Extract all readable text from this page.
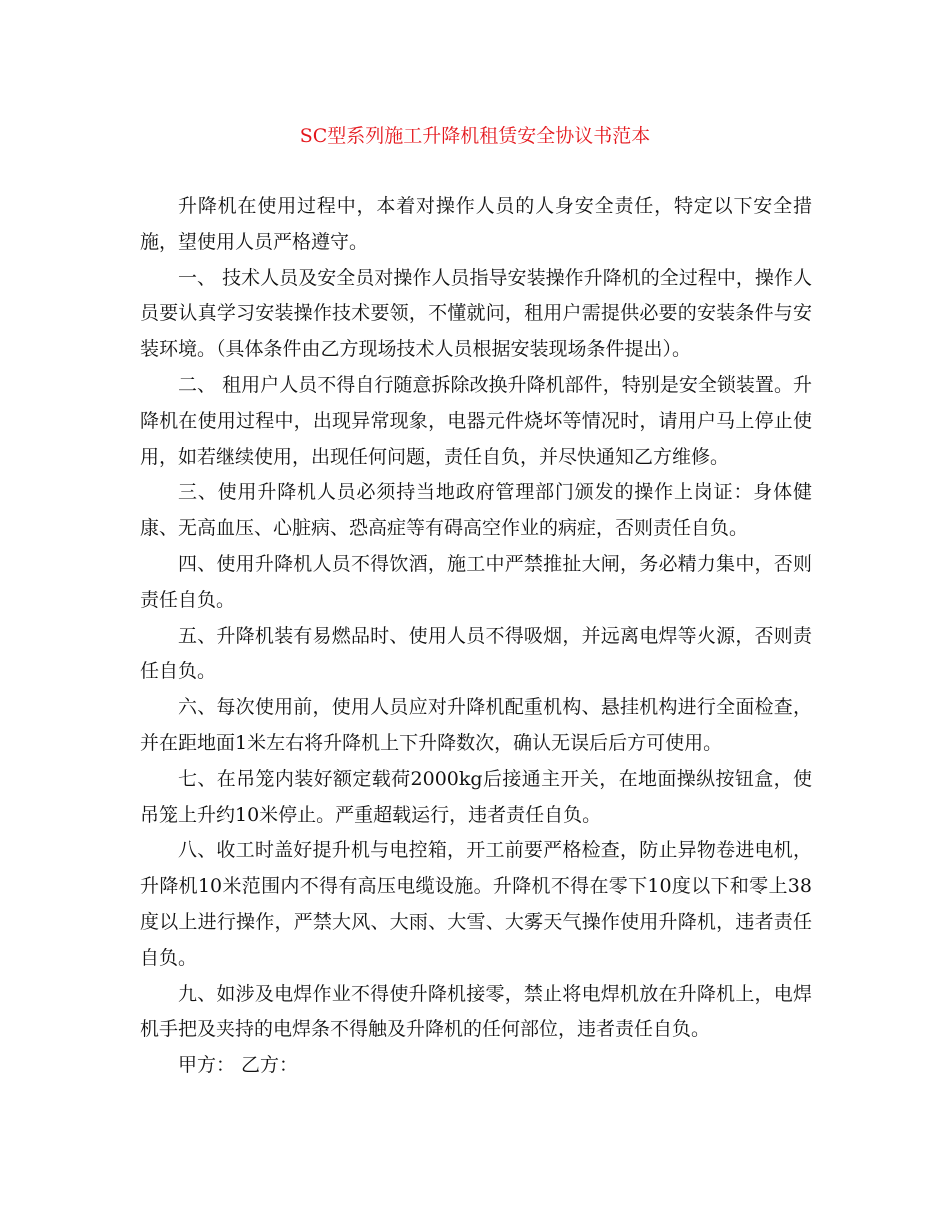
SC型系列施工升降机租赁安全协议书范本

升降机在使用过程中，本着对操作人员的人身安全责任，特定以下安全措施，望使用人员严格遵守。

一、 技术人员及安全员对操作人员指导安装操作升降机的全过程中，操作人员要认真学习安装操作技术要领，不懂就问，租用户需提供必要的安装条件与安装环境。（具体条件由乙方现场技术人员根据安装现场条件提出）。

二、 租用户人员不得自行随意拆除改换升降机部件，特别是安全锁装置。升降机在使用过程中，出现异常现象，电器元件烧坏等情况时，请用户马上停止使用，如若继续使用，出现任何问题，责任自负，并尽快通知乙方维修。

三、使用升降机人员必须持当地政府管理部门颁发的操作上岗证：身体健康、无高血压、心脏病、恐高症等有碍高空作业的病症，否则责任自负。

四、使用升降机人员不得饮酒，施工中严禁推扯大闸，务必精力集中，否则责任自负。

五、升降机装有易燃品时、使用人员不得吸烟，并远离电焊等火源，否则责任自负。

六、每次使用前，使用人员应对升降机配重机构、悬挂机构进行全面检查，并在距地面1米左右将升降机上下升降数次，确认无误后后方可使用。

七、在吊笼内装好额定载荷2000kg后接通主开关，在地面操纵按钮盒，使吊笼上升约10米停止。严重超载运行，违者责任自负。

八、收工时盖好提升机与电控箱，开工前要严格检查，防止异物卷进电机，升降机10米范围内不得有高压电缆设施。升降机不得在零下10度以下和零上38度以上进行操作，严禁大风、大雨、大雪、大雾天气操作使用升降机，违者责任自负。

九、如涉及电焊作业不得使升降机接零，禁止将电焊机放在升降机上，电焊机手把及夹持的电焊条不得触及升降机的任何部位，违者责任自负。

甲方： 乙方：
